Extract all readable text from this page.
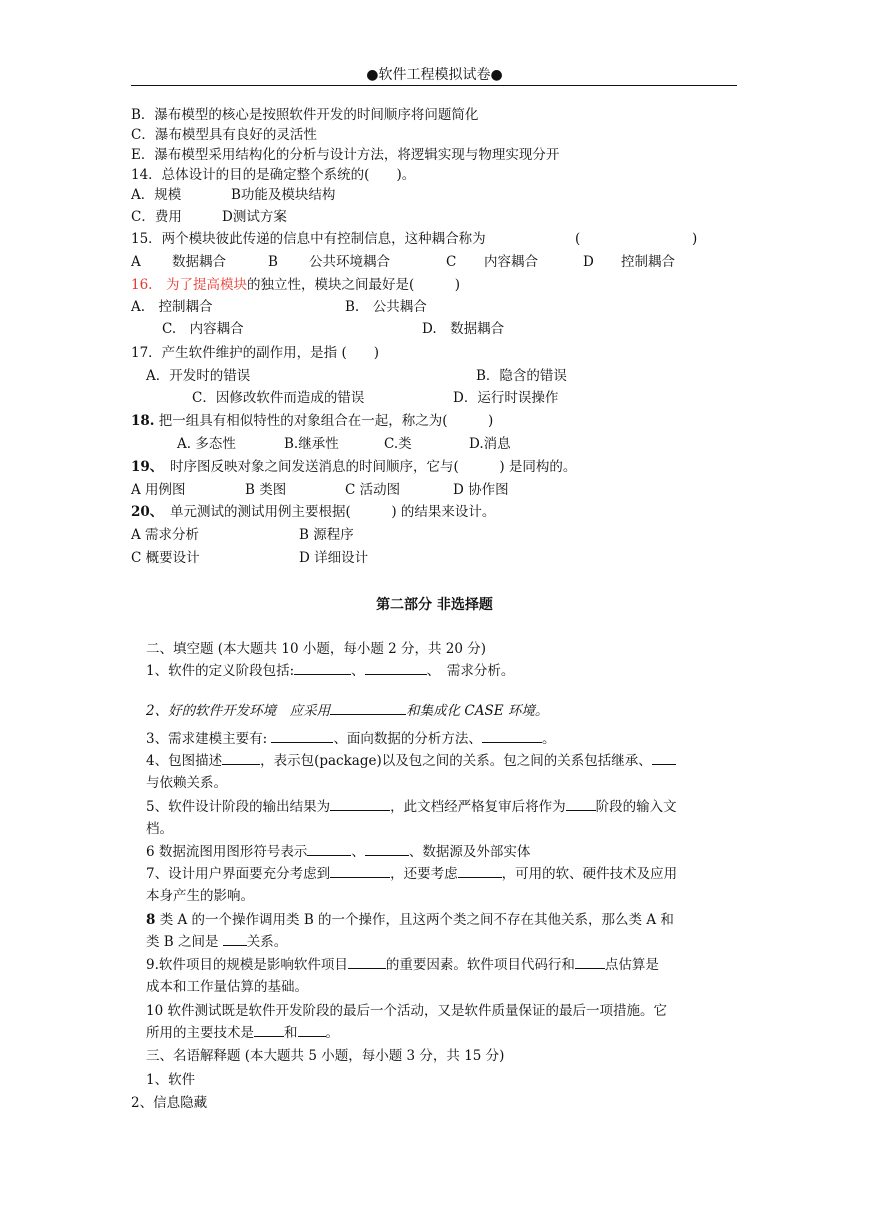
●软件工程模拟试卷●
B．瀑布模型的核心是按照软件开发的时间顺序将问题简化
C．瀑布模型具有良好的灵活性
E．瀑布模型采用结构化的分析与设计方法，将逻辑实现与物理实现分开
14．总体设计的目的是确定整个系统的(　　)。
A．规模	B功能及模块结构
C．费用	D测试方案
15．两个模块彼此传递的信息中有控制信息，这种耦合称为	(	)
A 数据耦合	B 公共环境耦合	C 内容耦合	D 控制耦合
16.　为了提高模块的独立性，模块之间最好是(　　　)
A.　控制耦合	B.　公共耦合
C.　内容耦合	D.　数据耦合
17．产生软件维护的副作用，是指 (　　)
A．开发时的错误	B．隐含的错误
C．因修改软件而造成的错误	D．运行时误操作
18. 把一组具有相似特性的对象组合在一起，称之为(　　　)
A. 多态性	B.继承性	C.类	D.消息
19、　时序图反映对象之间发送消息的时间顺序，它与(　　　) 是同构的。
A 用例图	B 类图	C 活动图	D 协作图
20、　单元测试的测试用例主要根据(　　　) 的结果来设计。
A 需求分析	B 源程序
C 概要设计	D 详细设计
第二部分 非选择题
二、填空题 (本大题共 10 小题，每小题 2 分，共 20 分)
1、软件的定义阶段包括:	、	、　需求分析。
2、好的软件开发环境　应采用	和集成化 CASE 环境。
3、需求建模主要有:	、面向数据的分析方法、	。
4、包图描述	，表示包(package)以及包之间的关系。包之间的关系包括继承、
与依赖关系。
5、软件设计阶段的输出结果为	，此文档经严格复审后将作为 阶段的输入文
档。
6 数据流图用图形符号表示	、	、数据源及外部实体
7、设计用户界面要充分考虑到	，还要考虑	，可用的软、硬件技术及应用
本身产生的影响。
8 类 A 的一个操作调用类 B 的一个操作，且这两个类之间不存在其他关系，那么类 A 和
类 B 之间是 关系。
9.软件项目的规模是影响软件项目	的重要因素。软件项目代码行和 点估算是
成本和工作量估算的基础。
10 软件测试既是软件开发阶段的最后一个活动，又是软件质量保证的最后一项措施。它
所用的主要技术是 和 。
三、名语解释题 (本大题共 5 小题，每小题 3 分，共 15 分)
1、软件
2、信息隐藏
